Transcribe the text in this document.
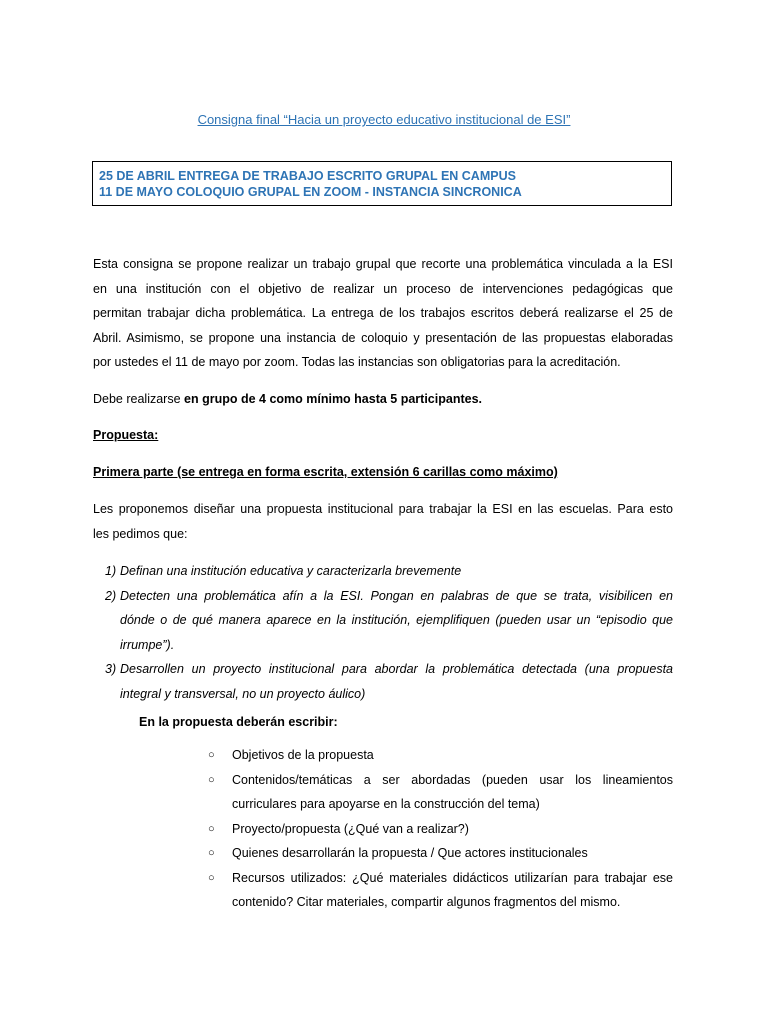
Consigna final “Hacia un proyecto educativo institucional de ESI”
25 DE ABRIL ENTREGA DE TRABAJO ESCRITO GRUPAL EN CAMPUS
11 DE MAYO COLOQUIO GRUPAL EN ZOOM - INSTANCIA SINCRONICA
Esta consigna se propone realizar un trabajo grupal que recorte una problemática vinculada a la ESI
en una institución con el objetivo de realizar un proceso de intervenciones pedagógicas que
permitan trabajar dicha problemática. La entrega de los trabajos escritos deberá realizarse el 25 de
Abril. Asimismo, se propone una instancia de coloquio y presentación de las propuestas elaboradas
por ustedes el 11 de mayo por zoom. Todas las instancias son obligatorias para la acreditación.
Debe realizarse en grupo de 4 como mínimo hasta 5 participantes.
Propuesta:
Primera parte (se entrega en forma escrita, extensión 6 carillas como máximo)
Les proponemos diseñar una propuesta institucional para trabajar la ESI en las escuelas. Para esto
les pedimos que:
1) Definan una institución educativa y caracterizarla brevemente
2) Detecten una problemática afín a la ESI. Pongan en palabras de que se trata, visibilicen en
dónde o de qué manera aparece en la institución, ejemplifiquen (pueden usar un “episodio que
irrumpe”).
3) Desarrollen un proyecto institucional para abordar la problemática detectada (una propuesta
integral y transversal, no un proyecto áulico)
En la propuesta deberán escribir:
○ Objetivos de la propuesta
○ Contenidos/temáticas a ser abordadas (pueden usar los lineamientos
curriculares para apoyarse en la construcción del tema)
○ Proyecto/propuesta (¿Qué van a realizar?)
○ Quienes desarrollarán la propuesta / Que actores institucionales
○ Recursos utilizados: ¿Qué materiales didácticos utilizarían para trabajar ese
contenido? Citar materiales, compartir algunos fragmentos del mismo.
